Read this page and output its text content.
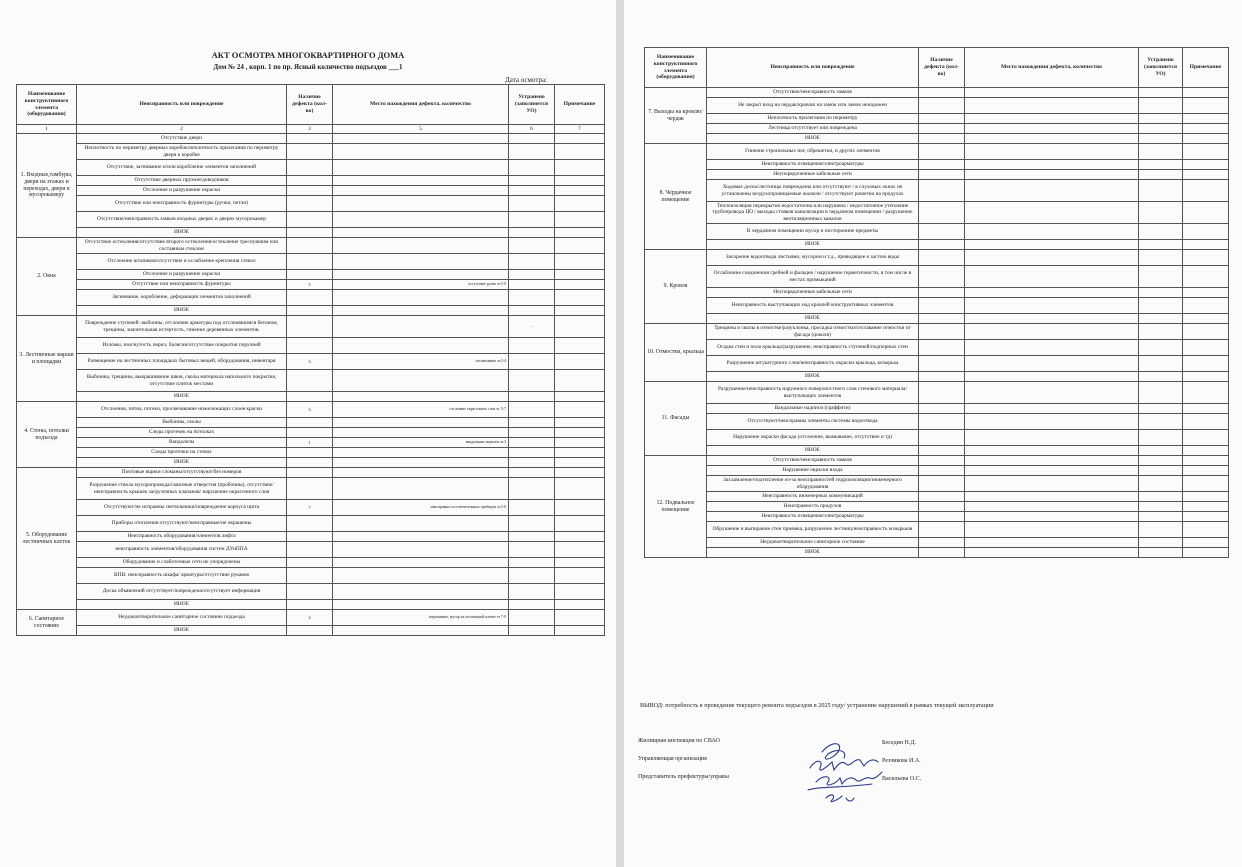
АКТ ОСМОТРА МНОГОКВАРТИРНОГО ДОМА
Дом № 24 , корп. 1 по пр. Ясный количество подъездов ___1
Дата осмотра:
Наименование конструктивного элемента (оборудования)	Неисправность или повреждение	Наличие дефекта (кол-во)	Место нахождения дефекта, количество	Устранено (заполняется УО)	Примечание
1	2	3	5	6	7
1. Входные,тамбуры, двери на этажах и переходах, двери в мусорокамеру	Отсутствие двери				
	Неплотность по периметру дверных коробок/неплотность прилегания по периметру двери к коробке				
	Отсутствие, загнивание и/или коробление элементов заполнений				
	Отсутствие дверных пружин/доводчиков				
	Отслоение и разрушение окраски				
	Отсутствие или неисправность фурнитуры (ручки, петли)				
	Отсутствие/неисправность замков входных дверях и дверях мусорокамер				
	ИНОЕ				
2. Окна	Отсутствие остекления/отсутствие второго остекления/остекление треснувшим или составным стеклом				
	Отслоение штапиков/отсутствие и ослабление крепления стекол				
	Отслоение и разрушение окраски				
	Отсутствие или неисправность фурнитуры	5	отсутствие ручек эт.5-9		
	Загнивание, коробление, деформация элементов заполнений				
	ИНОЕ				
3. Лестничные марши и площадки	Повреждение ступеней: выбоины, отслоение арматуры под отслоившимся бетоном, трещины, значительная истертость, гниение деревянных элементов.			-	
	Изломы, изогнутость перил, балясин/отсутствие покрытия поручней				
	Размещение на лестничных площадках бытовых вещей, оборудования, инвентаря	3	захламление эт.2-4		
	Выбоины, трещины, выкрашивание швов, сколы материала напольного покрытия, отсутствие плиток местами				
	ИНОЕ				
4. Стены, потолки подъезда	Отслоения, пятна, потеки, просвечивание нижележащих слоев краски	3	отслоение окрасочного слоя эт. 5-7		
	Выбоины, сколы				
	Следы протечек на потолках				
	Вандализм	1	вандальные надписи эт.3		
	Следы протечки на стенах				
	ИНОЕ				
5. Оборудование лестничных клеток	Почтовые ящики сломаны/отсутствуют/без номеров				
	Разрушение ствола мусоропровода/сквозные отверстия (пробоины), отсутствие/неисправность крышек загрузочных клапанов/ нарушение окрасочного слоя				
	Отсутствуют/не исправны светильники/повреждение корпуса щита	7	неисправность осветительных приборов эт.2-8		
	Приборы отопления отсутствуют/неисправные/не окрашены				
	Неисправность оборудования/элементов лифта				
	неисправность элементов/оборудования систем ДУиППА				
	Оборудование и слаботочные сети не упорядочены				
	ВПВ: неисправность шкафа/ арматуры/отсутствие рукавов				
	Доска объявлений отсутствует/повреждена/отсутствует информация				
	ИНОЕ				
6. Санитарное состояние	Неудовлетворительное санитарное состояние подъезда	2	загрязнение, мусор на лестничной клетке эт 7-9		
	ИНОЕ				
Наименование конструктивного элемента (оборудования)	Неисправность или повреждение	Наличие дефекта (кол-во)	Место нахождения дефекта, количество	Устранено (заполняется УО)	Примечание
7. Выходы на кровлю/чердак	Отсутствие/неисправность замков				
	Не закрыт вход на чердак/кровлю на замок или замок ненадежен				
	Неплотность прилегания по периметру				
	Лестница отсутствует или повреждена				
	ИНОЕ				
8. Чердачное помещение	Гниение стропильных ног, обрешетки, и других элементов				
	Неисправность освещения/электроарматуры				
	Неупорядоченные кабельные сети				
	Ходовые доски/лестницы повреждены или отсутствуют / в слуховых окнах не установлены воздухопроницаемые жалюзи / отсутствуют решетки на продухах				
	Теплоизоляция перекрытия недостаточна или нарушена / недостаточное утепление трубопровода ЦО / выходы стояков канализации в чердачном помещении / разрушение вентиляционных каналов				
	В чердачном помещении мусор и посторонние предметы				
	ИНОЕ				
9. Кровля	Засорение водоотвода листьями, мусором и т.д., приводящее к застою воды				
	Ослабление соединения гребней и фальцев / нарушение герметичности, в том числе в местах примыканий				
	Неупорядоченные кабельные сети				
	Неисправность выступающих над кровлей конструктивных элементов				
	ИНОЕ				
10. Отмостки, крыльца	Трещины и сколы в отмостке/разуклонка, просадка отмостки/отставание отмостки от фасада (цоколя)				
	Осадка стен и пола крыльца/разрушение, неисправность ступеней/подпорных стен				
	Разрушение штукатурного слоя/неисправность окраски крыльца, козырька				
	ИНОЕ				
11. Фасады	Разрушение/неисправность наружного поверхностного слоя стенового материала/выступающих элементов				
	Вандальные надписи (граффити)				
	Отсутствуют/неисправны элементы системы водоотвода				
	Нарушение окраски фасада (отслоение, вымывание, отсутствие и тд)				
	ИНОЕ				
12. Подвальное помещение	Отсутствие/неисправность замков				
	Нарушение окраски входа				
	Захламление/подтопление из-за неисправностей гидроизоляции/инженерного оборудования				
	Неисправность инженерных коммуникаций				
	Неисправность продухов				
	Неисправность освещения/электроарматуры				
	Обрушение и выпирание стен приямка, разрушение лестниц/неисправность козырьков				
	Неудовлетворительное санитарное состояние				
	ИНОЕ				
ВЫВОД: потребность в проведение текущего ремонта подъездов в 2025 году/ устранение нарушений в рамках текущей эксплуатации
Жилищная инспекция по СВАО	Беседин Н.Д.
Управляющая организация	Резчикова И.А.
Представитель префектуры/управы	Васильева О.С.
